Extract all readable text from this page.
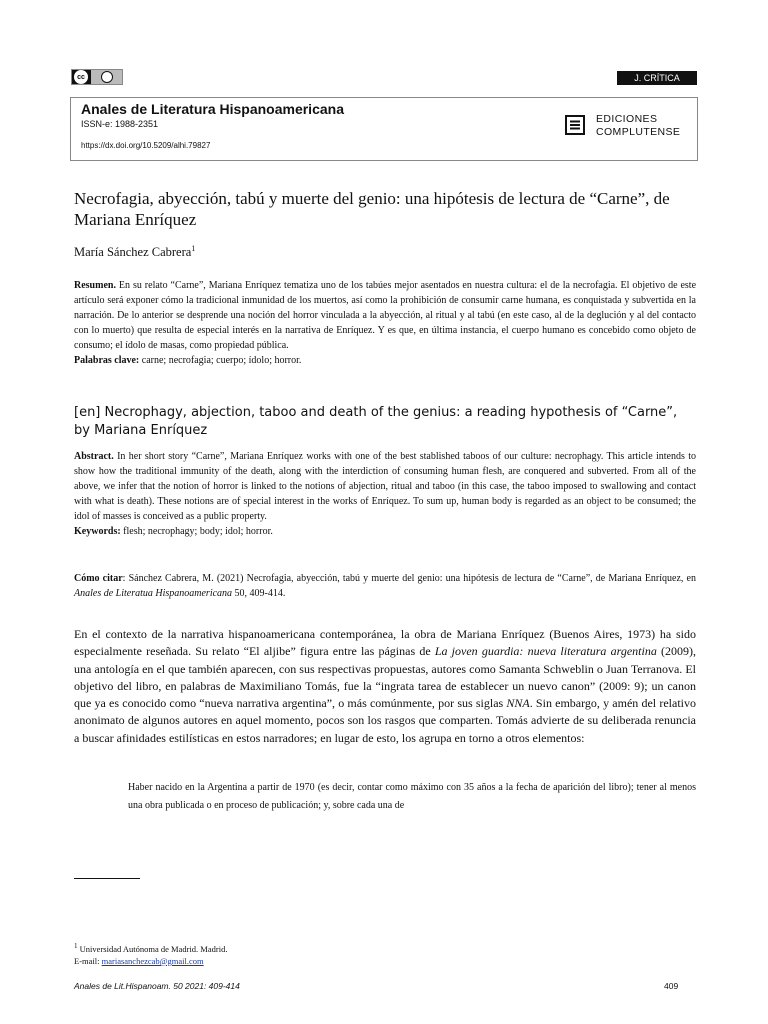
cc	J. CRÍTICA
Anales de Literatura Hispanoamericana
ISSN-e: 1988-2351
https://dx.doi.org/10.5209/alhi.79827
EDICIONES
COMPLUTENSE
Necrofagia, abyección, tabú y muerte del genio: una hipótesis de lectura de “Carne”, de Mariana Enríquez
María Sánchez Cabrera$^1$
Resumen. En su relato “Carne”, Mariana Enríquez tematiza uno de los tabúes mejor asentados en nuestra cultura: el de la necrofagia. El objetivo de este artículo será exponer cómo la tradicional inmunidad de los muertos, así como la prohibición de consumir carne humana, es conquistada y subvertida en la narración. De lo anterior se desprende una noción del horror vinculada a la abyección, al ritual y al tabú (en este caso, al de la deglución y al del contacto con lo muerto) que resulta de especial interés en la narrativa de Enríquez. Y es que, en última instancia, el cuerpo humano es concebido como objeto de consumo; el ídolo de masas, como propiedad pública.
Palabras clave: carne; necrofagia; cuerpo; ídolo; horror.
[en] Necrophagy, abjection, taboo and death of the genius: a reading hypothesis of “Carne”, by Mariana Enríquez
Abstract. In her short story “Carne”, Mariana Enríquez works with one of the best stablished taboos of our culture: necrophagy. This article intends to show how the traditional immunity of the death, along with the interdiction of consuming human flesh, are conquered and subverted. From all of the above, we infer that the notion of horror is linked to the notions of abjection, ritual and taboo (in this case, the taboo imposed to swallowing and contact with what is death). These notions are of special interest in the works of Enríquez. To sum up, human body is regarded as an object to be consumed; the idol of masses is conceived as a public property.
Keywords: flesh; necrophagy; body; idol; horror.
Cómo citar: Sánchez Cabrera, M. (2021) Necrofagia, abyección, tabú y muerte del genio: una hipótesis de lectura de “Carne”, de Mariana Enríquez, en Anales de Literatua Hispanoamericana 50, 409-414.
En el contexto de la narrativa hispanoamericana contemporánea, la obra de Mariana Enríquez (Buenos Aires, 1973) ha sido especialmente reseñada. Su relato “El aljibe” figura entre las páginas de La joven guardia: nueva literatura argentina (2009), una antología en el que también aparecen, con sus respectivas propuestas, autores como Samanta Schweblin o Juan Terranova. El objetivo del libro, en palabras de Maximiliano Tomás, fue la “ingrata tarea de establecer un nuevo canon” (2009: 9); un canon que ya es conocido como “nueva narrativa argentina”, o más comúnmente, por sus siglas NNA. Sin embargo, y amén del relativo anonimato de algunos autores en aquel momento, pocos son los rasgos que comparten. Tomás advierte de su deliberada renuncia a buscar afinidades estilísticas en estos narradores; en lugar de esto, los agrupa en torno a otros elementos:
Haber nacido en la Argentina a partir de 1970 (es decir, contar como máximo con 35 años a la fecha de aparición del libro); tener al menos una obra publicada o en proceso de publicación; y, sobre cada una de
$^1$ Universidad Autónoma de Madrid. Madrid.
E-mail: mariasanchezcab@gmail.com
Anales de Lit.Hispanoam. 50 2021: 409-414	409
